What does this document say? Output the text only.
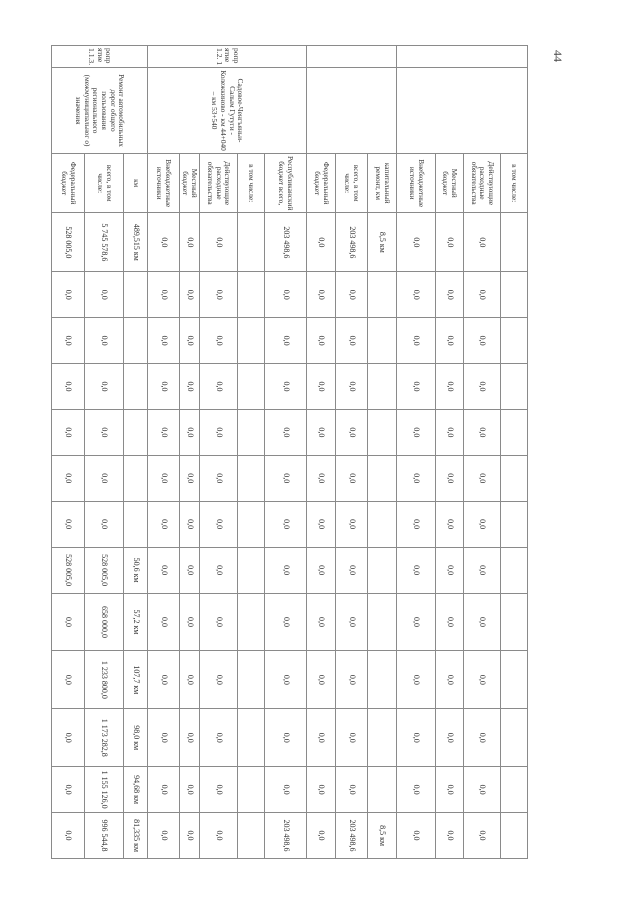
44
		в том числе:													
		Действующие расходные обязательства	0,0	0,0	0,0	0,0	0,0	0,0	0,0	0,0	0,0	0,0	0,0	0,0	0,0
		Местный бюджет	0,0	0,0	0,0	0,0	0,0	0,0	0,0	0,0	0,0	0,0	0,0	0,0	0,0
		Внебюджетные источники	0,0	0,0	0,0	0,0	0,0	0,0	0,0	0,0	0,0	0,0	0,0	0,0	0,0
		капитальный ремонт, км	8,5 км												8,5 км
		всего, в том числе:	203 498,6	0,0	0,0	0,0	0,0	0,0	0,0	0,0	0,0	0,0	0,0	0,0	203 498,6
		Федеральный бюджет	0,0	0,0	0,0	0,0	0,0	0,0	0,0	0,0	0,0	0,0	0,0	0,0	0,0
ропр ятие 1.2. 1	Садовое-Ченгъяньи-Салым Гутуги - Колежкиново - км 44+040 – км 53+540	Республиканский бюджет всего,	203 498,6	0,0	0,0	0,0	0,0	0,0	0,0	0,0	0,0	0,0	0,0	0,0	203 498,6
		в том числе:													
		Действующие расходные обязательства	0,0	0,0	0,0	0,0	0,0	0,0	0,0	0,0	0,0	0,0	0,0	0,0	0,0
		Местный бюджет	0,0	0,0	0,0	0,0	0,0	0,0	0,0	0,0	0,0	0,0	0,0	0,0	0,0
		Внебюджетные источники	0,0	0,0	0,0	0,0	0,0	0,0	0,0	0,0	0,0	0,0	0,0	0,0	0,0
ропр ятие 1.1.3.	Ремонт автомобильных дорог общего пользования регионального (межмуниципальног о) значения	км	489,515 км							50,6 км	57,2 км	107,7 км	98,0 км	94,68 км	81,335 км
		всего, в том числе:	5 745 578,6	0,0	0,0	0,0	0,0	0,0	0,0	528 005,0	658 000,0	1 233 800,0	1 173 282,8	1 155 126,0	996 544,8
		Федеральный бюджет	528 005,0	0,0	0,0	0,0	0,0	0,0	0,0	528 005,0	0,0	0,0	0,0	0,0	0,0
